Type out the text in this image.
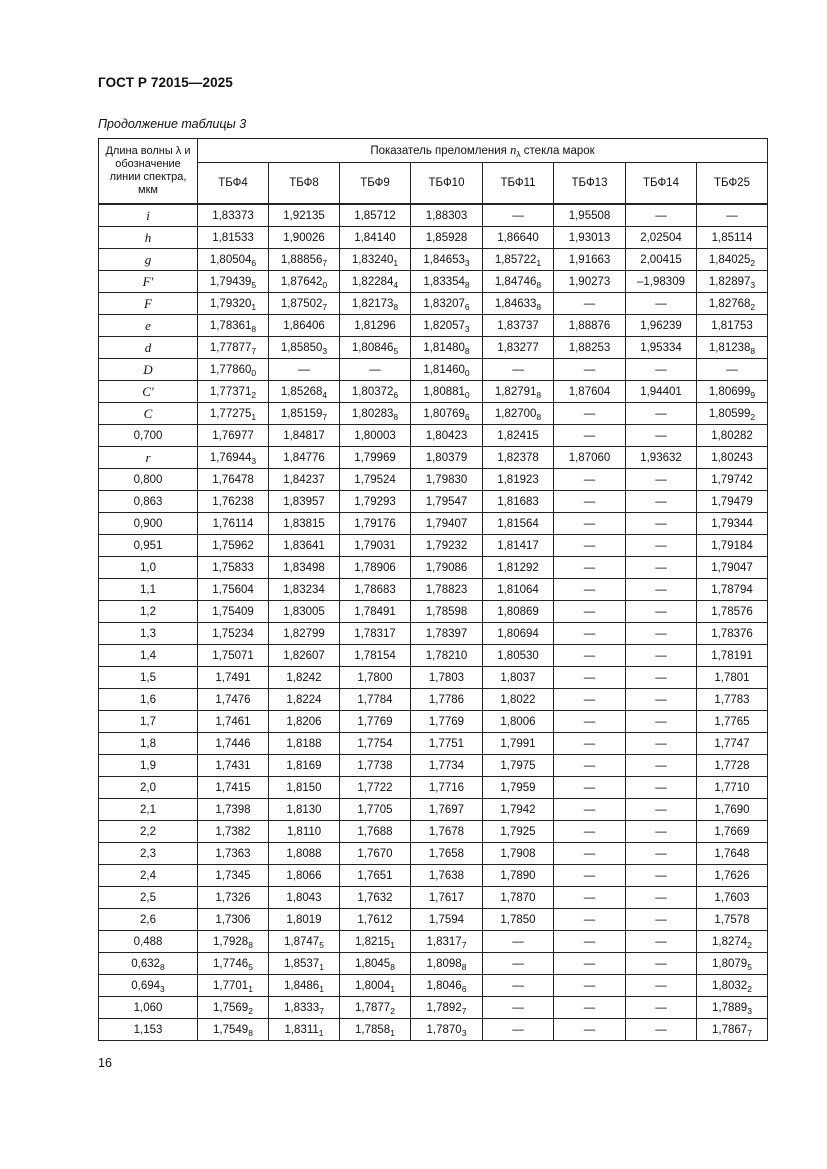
ГОСТ Р 72015—2025
Продолжение таблицы 3
Длина волны λ и обозначение линии спектра, мкм	Показатель преломления $n_\lambda$ стекла марок							
	ТБФ4	ТБФ8	ТБФ9	ТБФ10	ТБФ11	ТБФ13	ТБФ14	ТБФ25
i	1,83373	1,92135	1,85712	1,88303	—	1,95508	—	—
h	1,81533	1,90026	1,84140	1,85928	1,86640	1,93013	2,02504	1,85114
g	$1,80504_6$	$1,88856_7$	$1,83240_1$	$1,84653_3$	$1,85722_1$	1,91663	2,00415	$1,84025_2$
F'	$1,79439_5$	$1,87642_0$	$1,82284_4$	$1,83354_8$	$1,84746_8$	1,90273	–1,98309	$1,82897_3$
F	$1,79320_1$	$1,87502_7$	$1,82173_8$	$1,83207_6$	$1,84633_8$	—	—	$1,82768_2$
e	$1,78361_8$	1,86406	1,81296	$1,82057_3$	1,83737	1,88876	1,96239	1,81753
d	$1,77877_7$	$1,85850_3$	$1,80846_5$	$1,81480_8$	1,83277	1,88253	1,95334	$1,81238_8$
D	$1,77860_0$	—	—	$1,81460_0$	—	—	—	—
C'	$1,77371_2$	$1,85268_4$	$1,80372_6$	$1,80881_0$	$1,82791_8$	1,87604	1,94401	$1,80699_9$
C	$1,77275_1$	$1,85159_7$	$1,80283_8$	$1,80769_6$	$1,82700_8$	—	—	$1,80599_2$
0,700	1,76977	1,84817	1,80003	1,80423	1,82415	—	—	1,80282
r	$1,76944_3$	1,84776	1,79969	1,80379	1,82378	1,87060	1,93632	1,80243
0,800	1,76478	1,84237	1,79524	1,79830	1,81923	—	—	1,79742
0,863	1,76238	1,83957	1,79293	1,79547	1,81683	—	—	1,79479
0,900	1,76114	1,83815	1,79176	1,79407	1,81564	—	—	1,79344
0,951	1,75962	1,83641	1,79031	1,79232	1,81417	—	—	1,79184
1,0	1,75833	1,83498	1,78906	1,79086	1,81292	—	—	1,79047
1,1	1,75604	1,83234	1,78683	1,78823	1,81064	—	—	1,78794
1,2	1,75409	1,83005	1,78491	1,78598	1,80869	—	—	1,78576
1,3	1,75234	1,82799	1,78317	1,78397	1,80694	—	—	1,78376
1,4	1,75071	1,82607	1,78154	1,78210	1,80530	—	—	1,78191
1,5	1,7491	1,8242	1,7800	1,7803	1,8037	—	—	1,7801
1,6	1,7476	1,8224	1,7784	1,7786	1,8022	—	—	1,7783
1,7	1,7461	1,8206	1,7769	1,7769	1,8006	—	—	1,7765
1,8	1,7446	1,8188	1,7754	1,7751	1,7991	—	—	1,7747
1,9	1,7431	1,8169	1,7738	1,7734	1,7975	—	—	1,7728
2,0	1,7415	1,8150	1,7722	1,7716	1,7959	—	—	1,7710
2,1	1,7398	1,8130	1,7705	1,7697	1,7942	—	—	1,7690
2,2	1,7382	1,8110	1,7688	1,7678	1,7925	—	—	1,7669
2,3	1,7363	1,8088	1,7670	1,7658	1,7908	—	—	1,7648
2,4	1,7345	1,8066	1,7651	1,7638	1,7890	—	—	1,7626
2,5	1,7326	1,8043	1,7632	1,7617	1,7870	—	—	1,7603
2,6	1,7306	1,8019	1,7612	1,7594	1,7850	—	—	1,7578
0,488	$1,7928_8$	$1,8747_5$	$1,8215_1$	$1,8317_7$	—	—	—	$1,8274_2$
$0,632_8$	$1,7746_5$	$1,8537_1$	$1,8045_8$	$1,8098_8$	—	—	—	$1,8079_5$
$0,694_3$	$1,7701_1$	$1,8486_1$	$1,8004_1$	$1,8046_6$	—	—	—	$1,8032_2$
1,060	$1,7569_2$	$1,8333_7$	$1,7877_2$	$1,7892_7$	—	—	—	$1,7889_3$
1,153	$1,7549_8$	$1,8311_1$	$1,7858_1$	$1,7870_3$	—	—	—	$1,7867_7$
16
